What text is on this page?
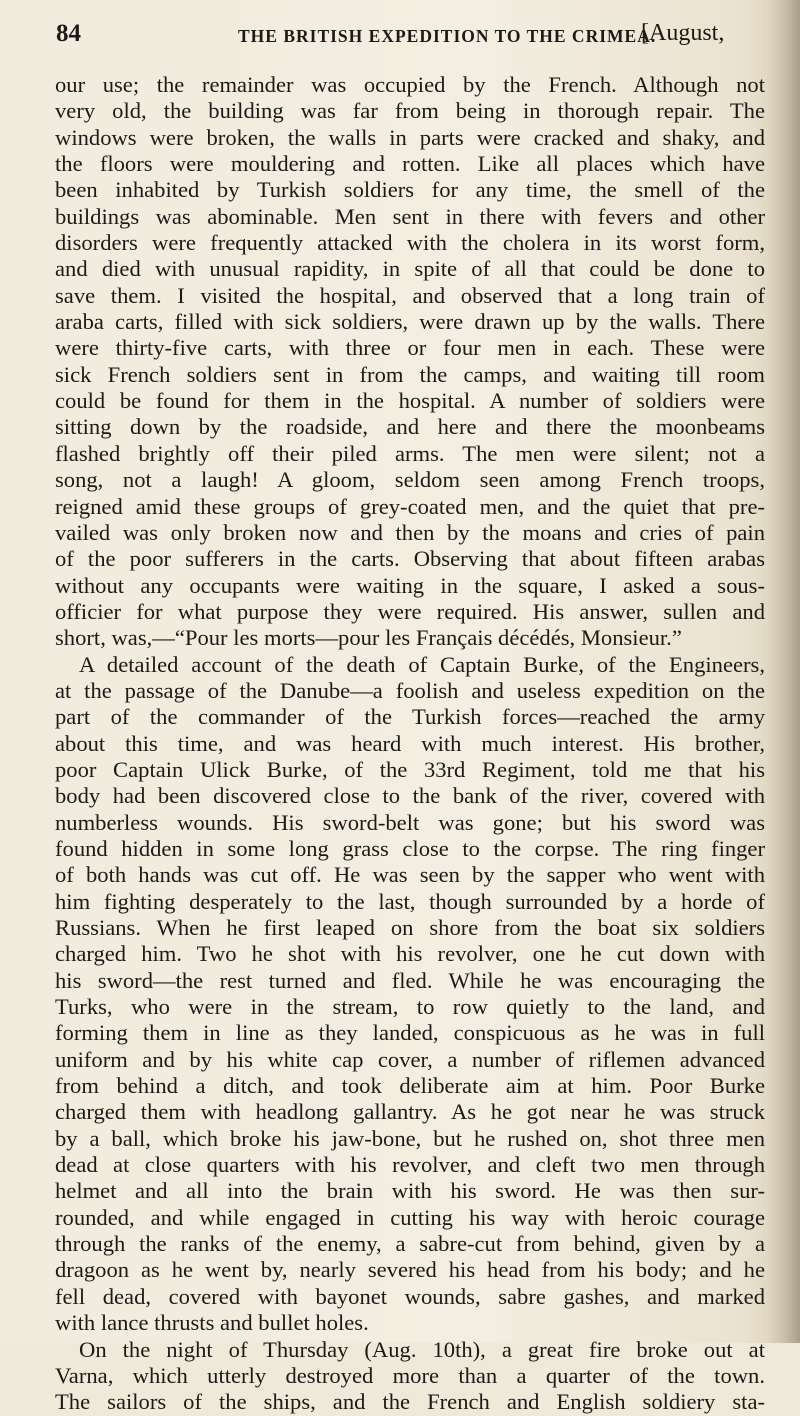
84	THE BRITISH EXPEDITION TO THE CRIMEA.
[August,
our use; the remainder was occupied by the French. Although not
very old, the building was far from being in thorough repair. The
windows were broken, the walls in parts were cracked and shaky, and
the floors were mouldering and rotten. Like all places which have
been inhabited by Turkish soldiers for any time, the smell of the
buildings was abominable. Men sent in there with fevers and other
disorders were frequently attacked with the cholera in its worst form,
and died with unusual rapidity, in spite of all that could be done to
save them. I visited the hospital, and observed that a long train of
araba carts, filled with sick soldiers, were drawn up by the walls. There
were thirty-five carts, with three or four men in each. These were
sick French soldiers sent in from the camps, and waiting till room
could be found for them in the hospital. A number of soldiers were
sitting down by the roadside, and here and there the moonbeams
flashed brightly off their piled arms. The men were silent; not a
song, not a laugh! A gloom, seldom seen among French troops,
reigned amid these groups of grey-coated men, and the quiet that pre-
vailed was only broken now and then by the moans and cries of pain
of the poor sufferers in the carts. Observing that about fifteen arabas
without any occupants were waiting in the square, I asked a sous-
officier for what purpose they were required. His answer, sullen and
short, was,—“Pour les morts—pour les Français décédés, Monsieur.”
A detailed account of the death of Captain Burke, of the Engineers,
at the passage of the Danube—a foolish and useless expedition on the
part of the commander of the Turkish forces—reached the army
about this time, and was heard with much interest. His brother,
poor Captain Ulick Burke, of the 33rd Regiment, told me that his
body had been discovered close to the bank of the river, covered with
numberless wounds. His sword-belt was gone; but his sword was
found hidden in some long grass close to the corpse. The ring finger
of both hands was cut off. He was seen by the sapper who went with
him fighting desperately to the last, though surrounded by a horde of
Russians. When he first leaped on shore from the boat six soldiers
charged him. Two he shot with his revolver, one he cut down with
his sword—the rest turned and fled. While he was encouraging the
Turks, who were in the stream, to row quietly to the land, and
forming them in line as they landed, conspicuous as he was in full
uniform and by his white cap cover, a number of riflemen advanced
from behind a ditch, and took deliberate aim at him. Poor Burke
charged them with headlong gallantry. As he got near he was struck
by a ball, which broke his jaw-bone, but he rushed on, shot three men
dead at close quarters with his revolver, and cleft two men through
helmet and all into the brain with his sword. He was then sur-
rounded, and while engaged in cutting his way with heroic courage
through the ranks of the enemy, a sabre-cut from behind, given by a
dragoon as he went by, nearly severed his head from his body; and he
fell dead, covered with bayonet wounds, sabre gashes, and marked
with lance thrusts and bullet holes.
On the night of Thursday (Aug. 10th), a great fire broke out at
Varna, which utterly destroyed more than a quarter of the town.
The sailors of the ships, and the French and English soldiery sta-
